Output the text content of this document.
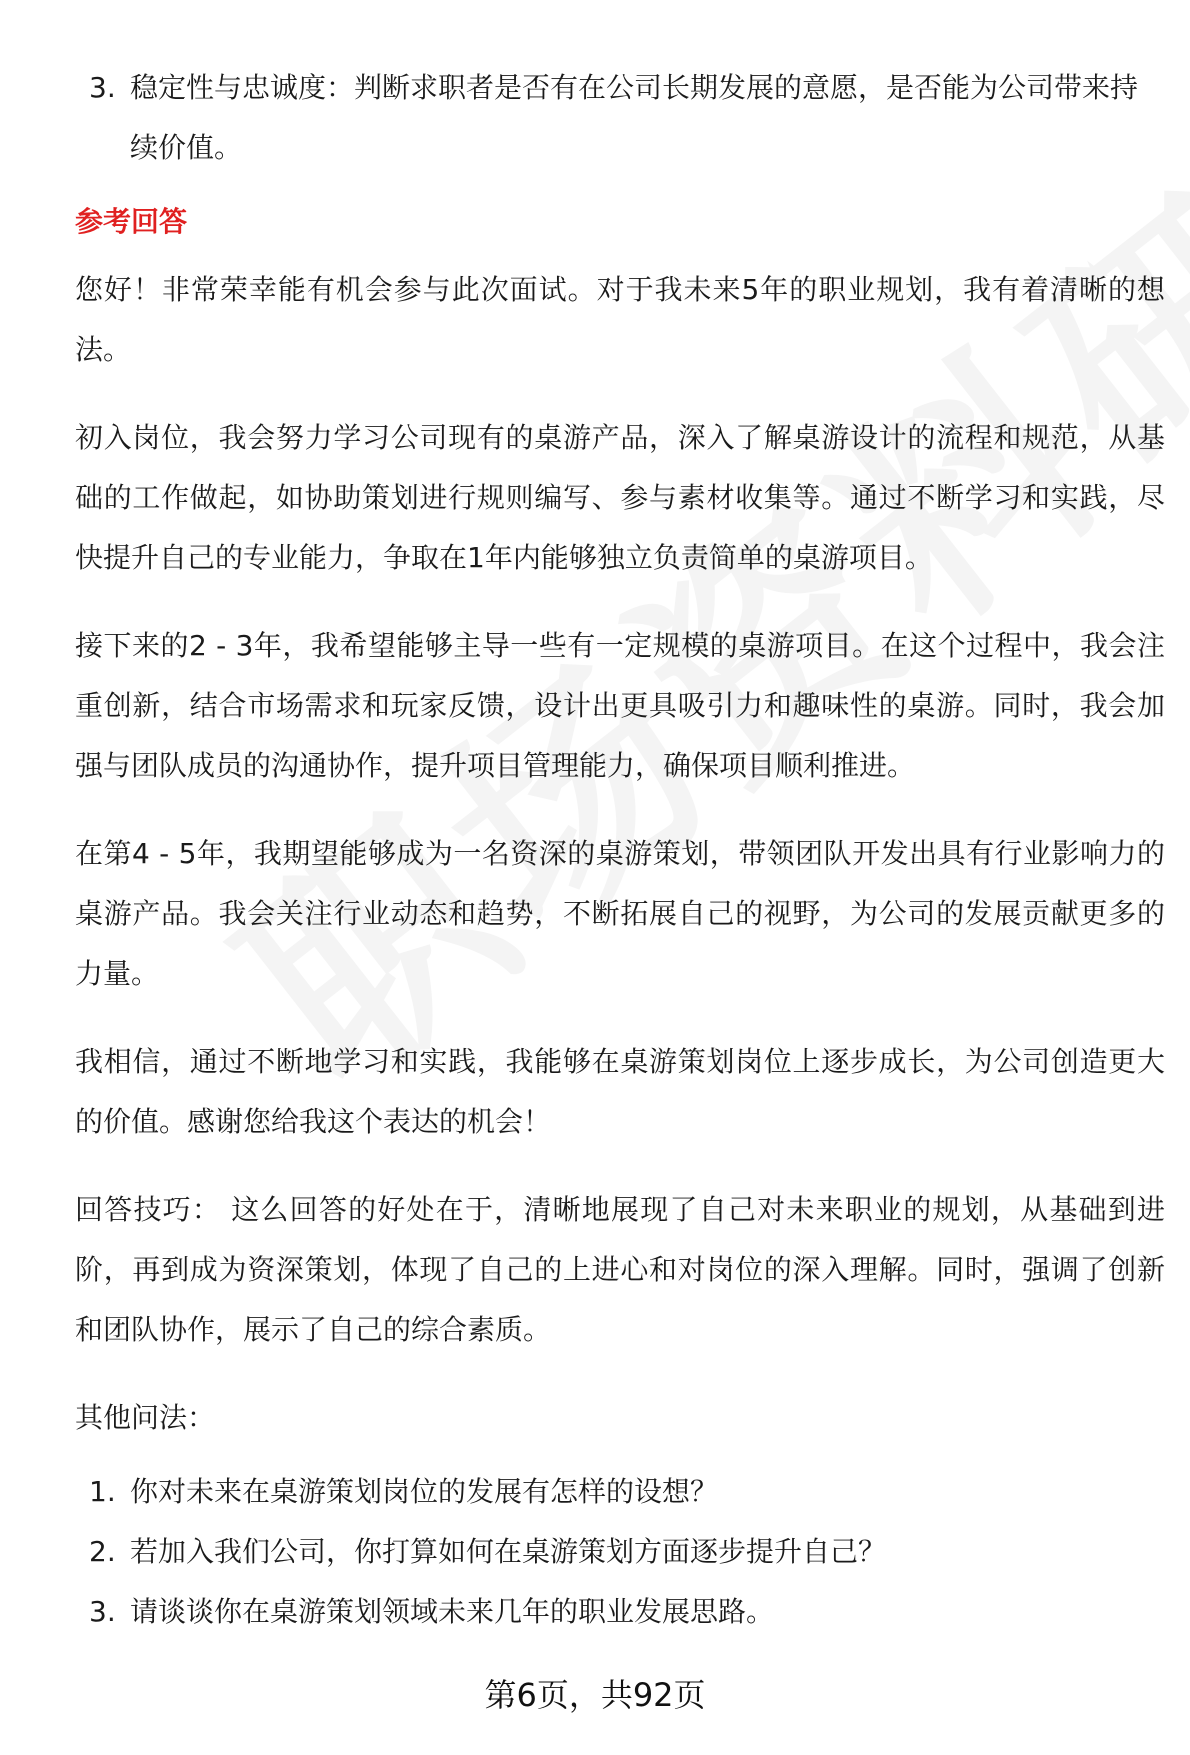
3. 稳定性与忠诚度：判断求职者是否有在公司长期发展的意愿，是否能为公司带来持续价值。
参考回答

您好！非常荣幸能有机会参与此次面试。对于我未来5年的职业规划，我有着清晰的想法。

初入岗位，我会努力学习公司现有的桌游产品，深入了解桌游设计的流程和规范，从基础的工作做起，如协助策划进行规则编写、参与素材收集等。通过不断学习和实践，尽快提升自己的专业能力，争取在1年内能够独立负责简单的桌游项目。

接下来的2 - 3年，我希望能够主导一些有一定规模的桌游项目。在这个过程中，我会注重创新，结合市场需求和玩家反馈，设计出更具吸引力和趣味性的桌游。同时，我会加强与团队成员的沟通协作，提升项目管理能力，确保项目顺利推进。

在第4 - 5年，我期望能够成为一名资深的桌游策划，带领团队开发出具有行业影响力的桌游产品。我会关注行业动态和趋势，不断拓展自己的视野，为公司的发展贡献更多的力量。

我相信，通过不断地学习和实践，我能够在桌游策划岗位上逐步成长，为公司创造更大的价值。感谢您给我这个表达的机会！

回答技巧： 这么回答的好处在于，清晰地展现了自己对未来职业的规划，从基础到进阶，再到成为资深策划，体现了自己的上进心和对岗位的深入理解。同时，强调了创新和团队协作，展示了自己的综合素质。

其他问法：

1. 你对未来在桌游策划岗位的发展有怎样的设想？
2. 若加入我们公司，你打算如何在桌游策划方面逐步提升自己？
3. 请谈谈你在桌游策划领域未来几年的职业发展思路。
第6页，共92页
